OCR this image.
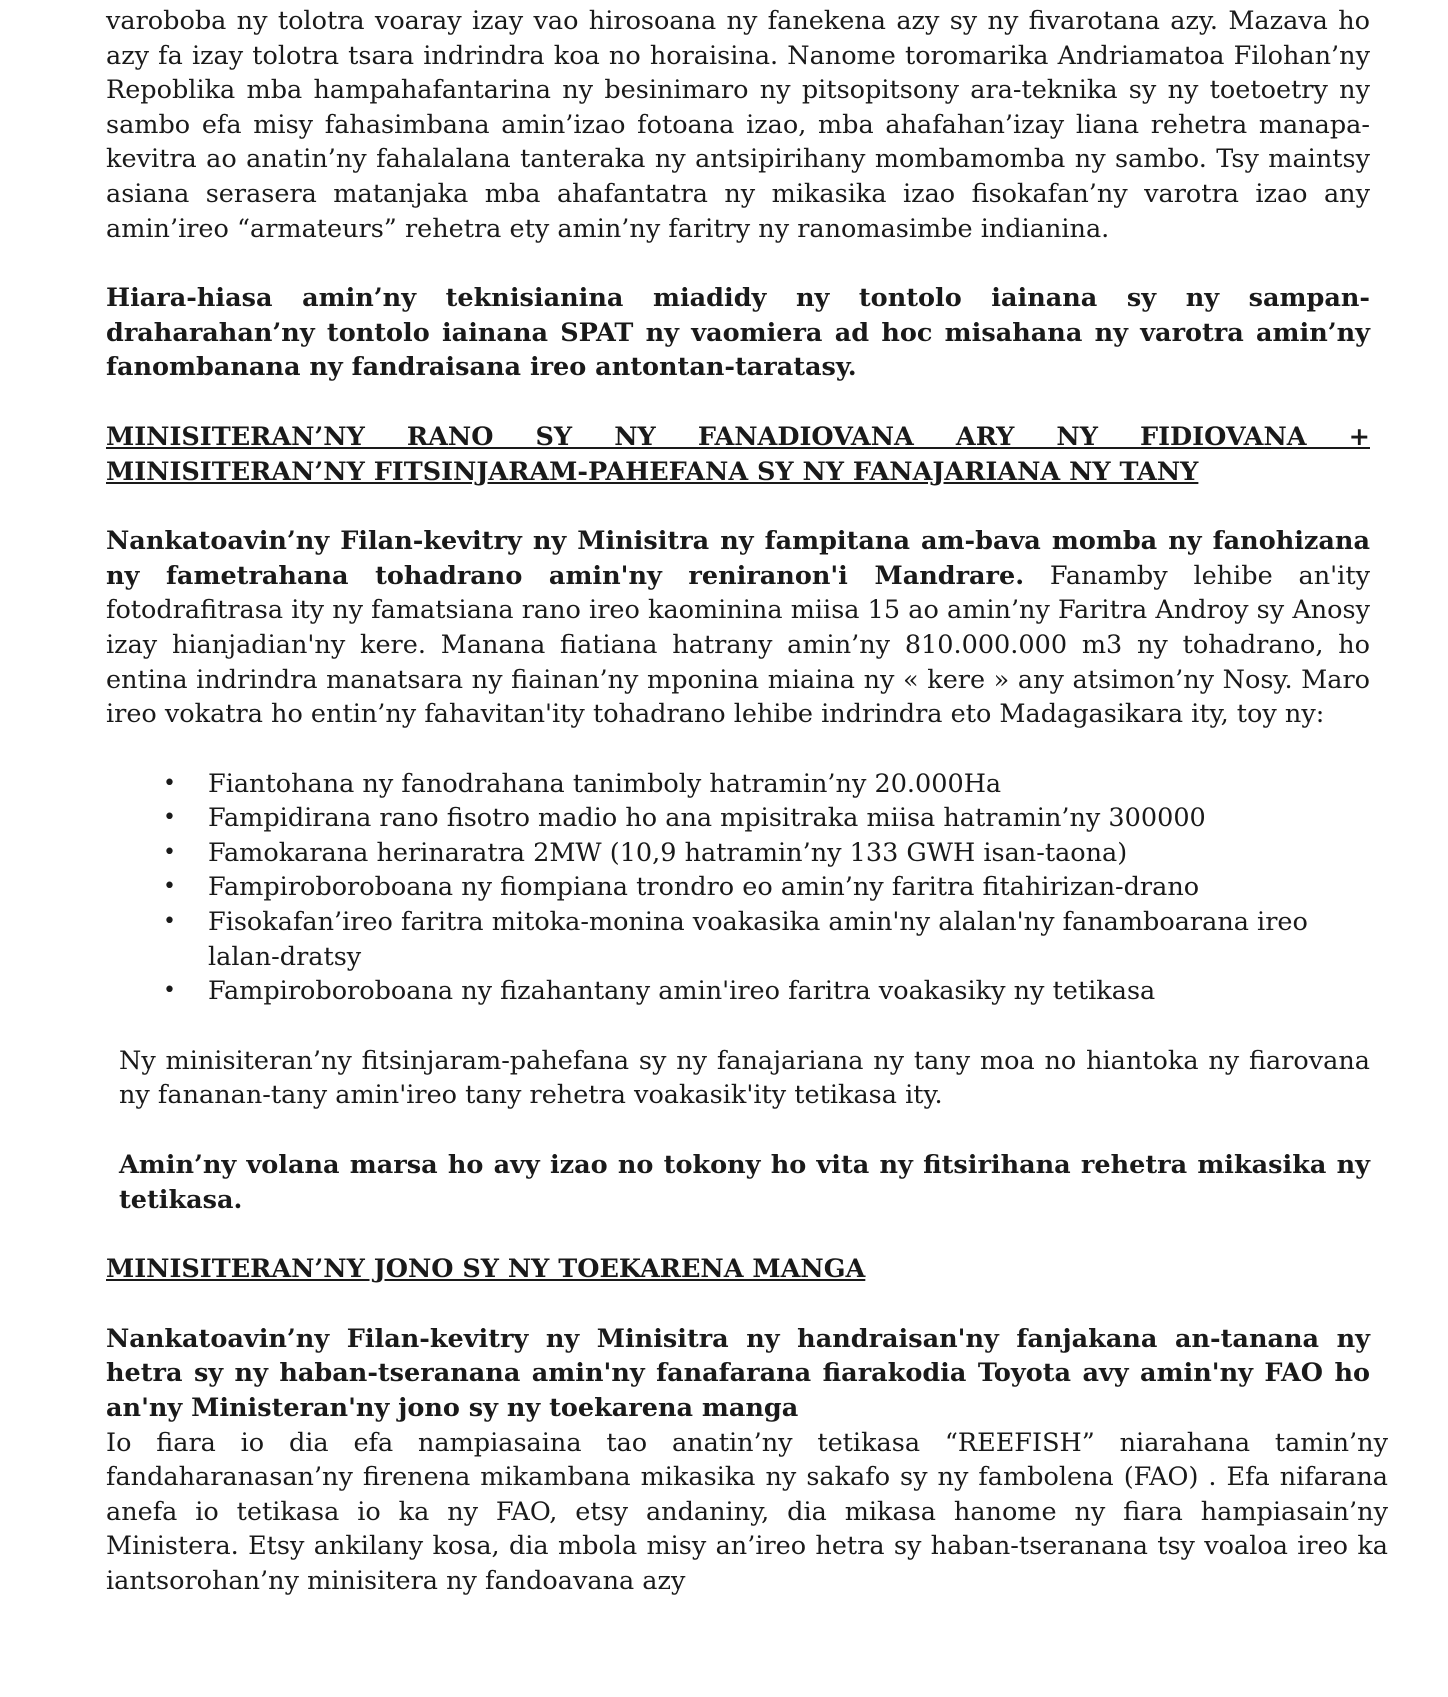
varoboba ny tolotra voaray izay vao hirosoana ny fanekena azy sy ny fivarotana azy. Mazava ho azy fa izay tolotra tsara indrindra koa no horaisina. Nanome toromarika Andriamatoa Filohan’ny Repoblika mba hampahafantarina ny besinimaro ny pitsopitsony ara-teknika sy ny toetoetry ny sambo efa misy fahasimbana amin’izao fotoana izao, mba ahafahan’izay liana rehetra manapa-kevitra ao anatin’ny fahalalana tanteraka ny antsipirihany mombamomba ny sambo. Tsy maintsy asiana serasera matanjaka mba ahafantatra ny mikasika izao fisokafan’ny varotra izao any amin’ireo “armateurs” rehetra ety amin’ny faritry ny ranomasimbe indianina.

Hiara-hiasa amin’ny teknisianina miadidy ny tontolo iainana sy ny sampan-draharahan’ny tontolo iainana SPAT ny vaomiera ad hoc misahana ny varotra amin’ny fanombanana ny fandraisana ireo antontan-taratasy.

MINISITERAN’NY RANO SY NY FANADIOVANA ARY NY FIDIOVANA +
MINISITERAN’NY FITSINJARAM-PAHEFANA SY NY FANAJARIANA NY TANY

Nankatoavin’ny Filan-kevitry ny Minisitra ny fampitana am-bava momba ny fanohizana ny fametrahana tohadrano amin'ny reniranon'i Mandrare. Fanamby lehibe an'ity fotodrafitrasa ity ny famatsiana rano ireo kaominina miisa 15 ao amin’ny Faritra Androy sy Anosy izay hianjadian'ny kere. Manana fiatiana hatrany amin’ny 810.000.000 m3 ny tohadrano, ho entina indrindra manatsara ny fiainan’ny mponina miaina ny « kere » any atsimon’ny Nosy. Maro ireo vokatra ho entin’ny fahavitan'ity tohadrano lehibe indrindra eto Madagasikara ity, toy ny:

• Fiantohana ny fanodrahana tanimboly hatramin’ny 20.000Ha
• Fampidirana rano fisotro madio ho ana mpisitraka miisa hatramin’ny 300000
• Famokarana herinaratra 2MW (10,9 hatramin’ny 133 GWH isan-taona)
• Fampiroboroboana ny fiompiana trondro eo amin’ny faritra fitahirizan-drano
• Fisokafan’ireo faritra mitoka-monina voakasika amin'ny alalan'ny fanamboarana ireo lalan-dratsy
• Fampiroboroboana ny fizahantany amin'ireo faritra voakasiky ny tetikasa

Ny minisiteran’ny fitsinjaram-pahefana sy ny fanajariana ny tany moa no hiantoka ny fiarovana ny fananan-tany amin'ireo tany rehetra voakasik'ity tetikasa ity.

Amin’ny volana marsa ho avy izao no tokony ho vita ny fitsirihana rehetra mikasika ny tetikasa.

MINISITERAN’NY JONO SY NY TOEKARENA MANGA

Nankatoavin’ny Filan-kevitry ny Minisitra ny handraisan'ny fanjakana an-tanana ny hetra sy ny haban-tseranana amin'ny fanafarana fiarakodia Toyota avy amin'ny FAO ho an'ny Ministeran'ny jono sy ny toekarena manga

Io fiara io dia efa nampiasaina tao anatin’ny tetikasa “REEFISH” niarahana tamin’ny fandaharanasan’ny firenena mikambana mikasika ny sakafo sy ny fambolena (FAO) . Efa nifarana anefa io tetikasa io ka ny FAO, etsy andaniny, dia mikasa hanome ny fiara hampiasain’ny Ministera. Etsy ankilany kosa, dia mbola misy an’ireo hetra sy haban-tseranana tsy voaloa ireo ka iantsorohan’ny minisitera ny fandoavana azy
